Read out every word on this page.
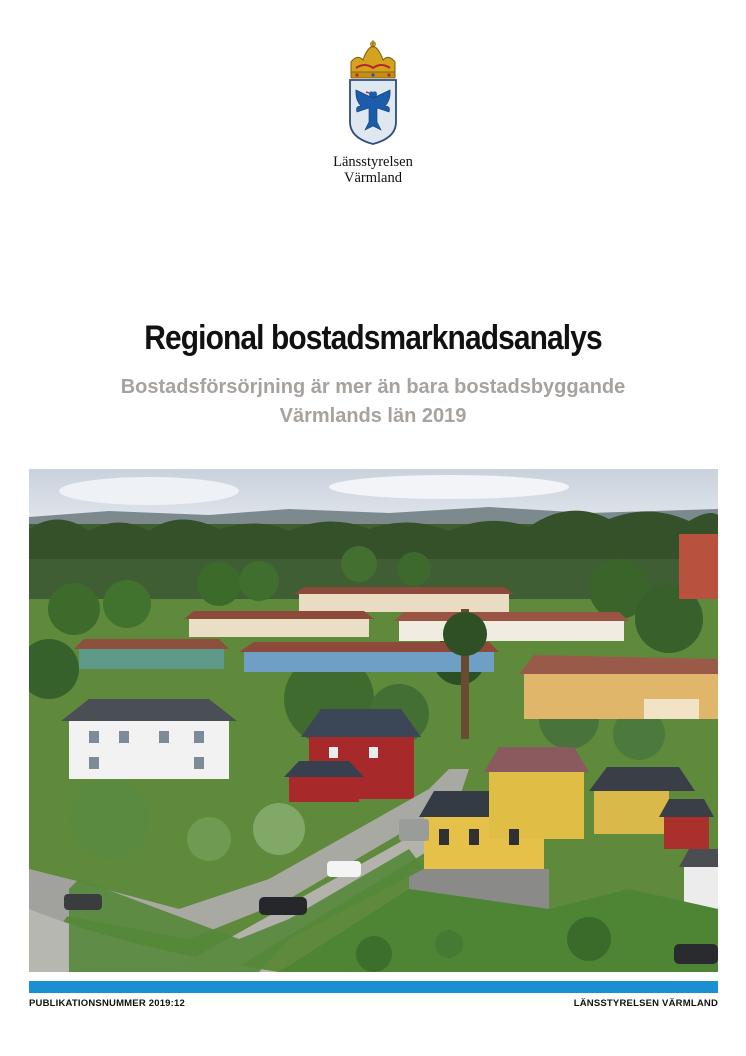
Länsstyrelsen
Värmland
Regional bostadsmarknadsanalys
Bostadsförsörjning är mer än bara bostadsbyggande
Värmlands län 2019
PUBLIKATIONSNUMMER 2019:12	LÄNSSTYRELSEN VÄRMLAND
